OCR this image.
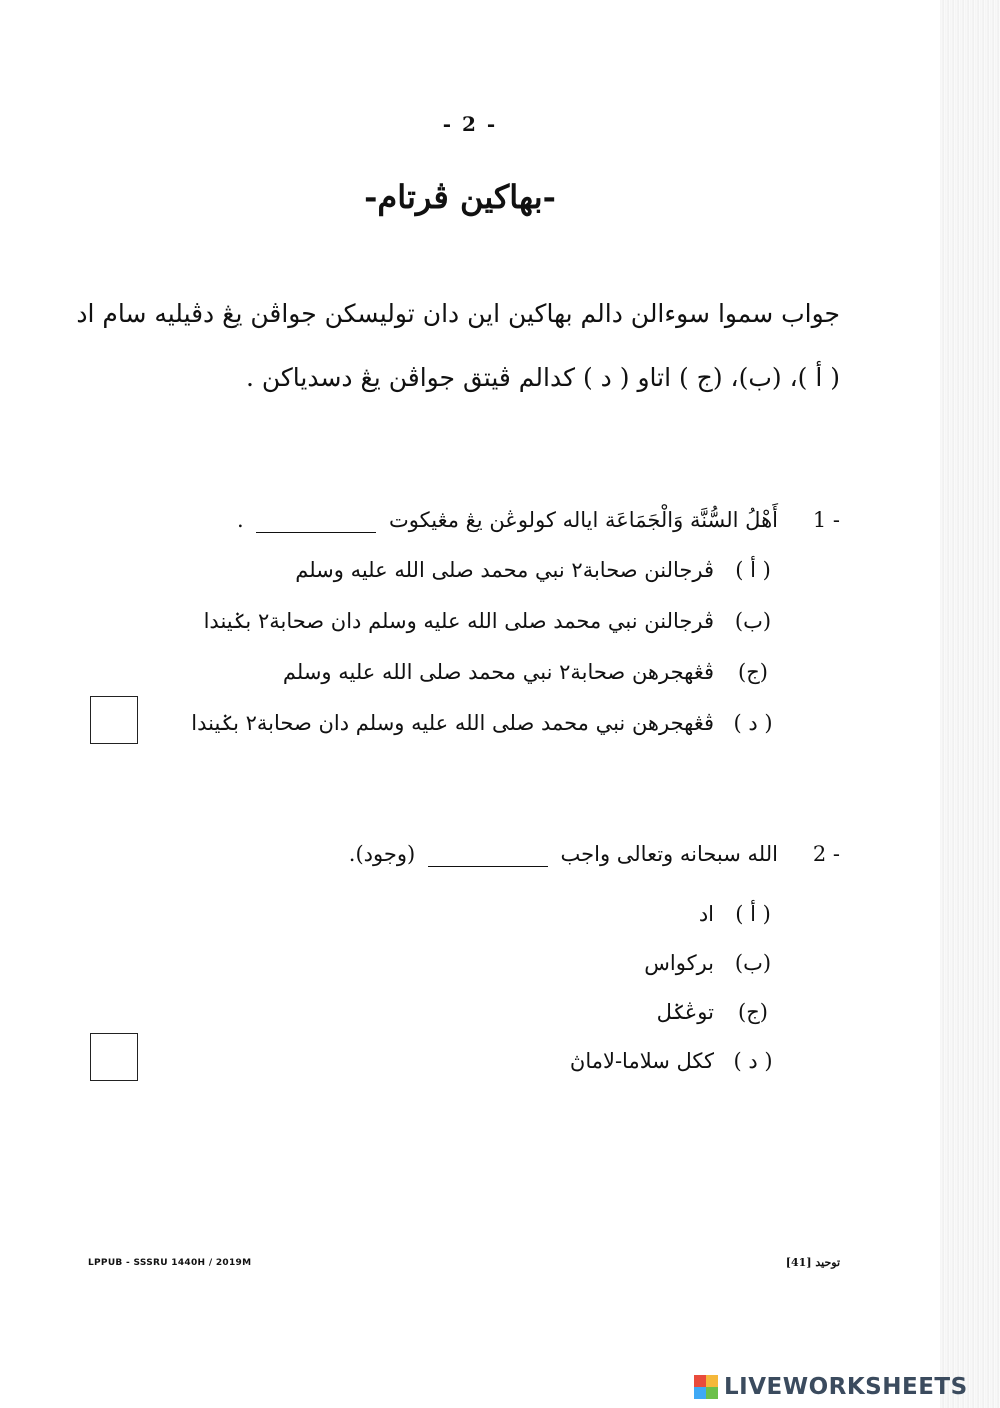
- 2 -
-بهاكين ڤرتام-
جواب سموا سوءالن دالم بهاکين اين دان توليسکن جواڤن يڠ دڤيليه سام اد
( أ )، (ب)، (ج ) اتاو ( د ) كدالم ڤيتق جواڤن يڠ دسدياكن .
1 -
أَهْلُ السُّنَّة وَالْجَمَاعَة اياله كولوڠن يڠ مڠيكوت  .
( أ )
ڤرجالنن صحابة٢ نبي محمد صلى الله عليه وسلم
(ب)
ڤرجالنن نبي محمد صلى الله عليه وسلم دان صحابة٢ بݢيندا
(ج)
ڤڠهجرهن صحابة٢ نبي محمد صلى الله عليه وسلم
( د )
ڤڠهجرهن نبي محمد صلى الله عليه وسلم دان صحابة٢ بݢيندا
2 -
الله سبحانه وتعالى واجب  (وجود).
( أ )
اد
(ب)
برکواس
(ج)
توڠݢل
( د )
ککل سلاما-لاماڽ
LPPUB - SSSRU 1440H / 2019M	توحيد [41]
LIVEWORKSHEETS
